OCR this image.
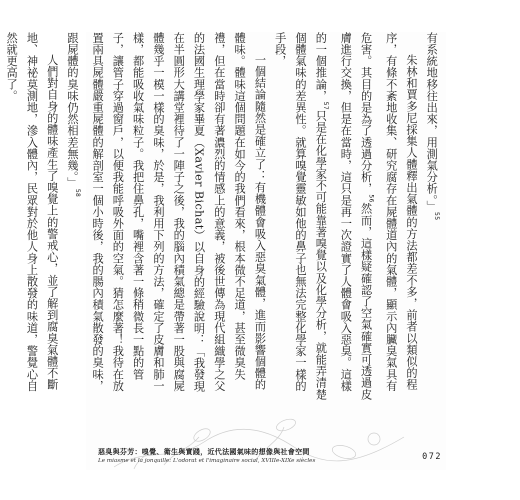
有系統地移往出來，用測氣分析。」$^{55}$

朱林和賈多尼採集人體釋出氣體的方法都差不多，前者以類似的程序，有條不紊地收集、研究腐存在屍體道內的氣體，顯示內臟臭氣具有危害。其目的是為了透過分析，$^{56}$然而，這樣疑確認了空氣確實可透過皮膚進行交換，但是在當時，這只是再一次證實了人體會吸入惡臭。這樣的一個推論，$^{57}$只是在化學家不可能靠著嗅覺以及化學分析，就能弄清楚個體氣味的差異性。就算嗅覺靈敏如他的鼻子也無法完整化學家一樣的手段，

一個結論隨然是確立了：有機體會吸入惡臭氣體，進而影響個體的體味。體味這個問題在如今的我們看來，根本微不足道，甚至微臭失禮，但在當時卻有著濃烈的情感上的意義，被後世傳為現代組織學之父的法國生理學家畢夏（Xavier Bichat）以自身的經驗說明：「我發現在半圓形大講堂裡待了一陣子之後，我的腦內積氣總是帶著一股與腐屍體幾乎一模一樣的臭味，於是，我利用下列的方法，確定了皮膚和肺一樣，都能吸收氣味粒子。我把住鼻孔，嘴裡含著一條稍微長一點的管子，讓管子穿過窗戶，以便我能呼吸外面的空氣。猜怎麼著！我待在放置兩具屍體嚴重屍體的解剖室一個小時後，我的腸內積氣散發的臭味，跟屍體的臭味仍然相差無幾。」$^{58}$

人們對自身的體味產生了嗅覺上的警戒心，並了解到腐臭氣體不斷地、神祕莫測地，滲入體內，民眾對於他人身上散發的味道，警覺心自然就更高了。

惡臭與芬芳：嗅覺、衛生與實踐，近代法國氣味的想像與社會空間
Le miasme et la jonquille: L'odorat et l'imaginaire social, XVIIIe-XIXe siècles	072
